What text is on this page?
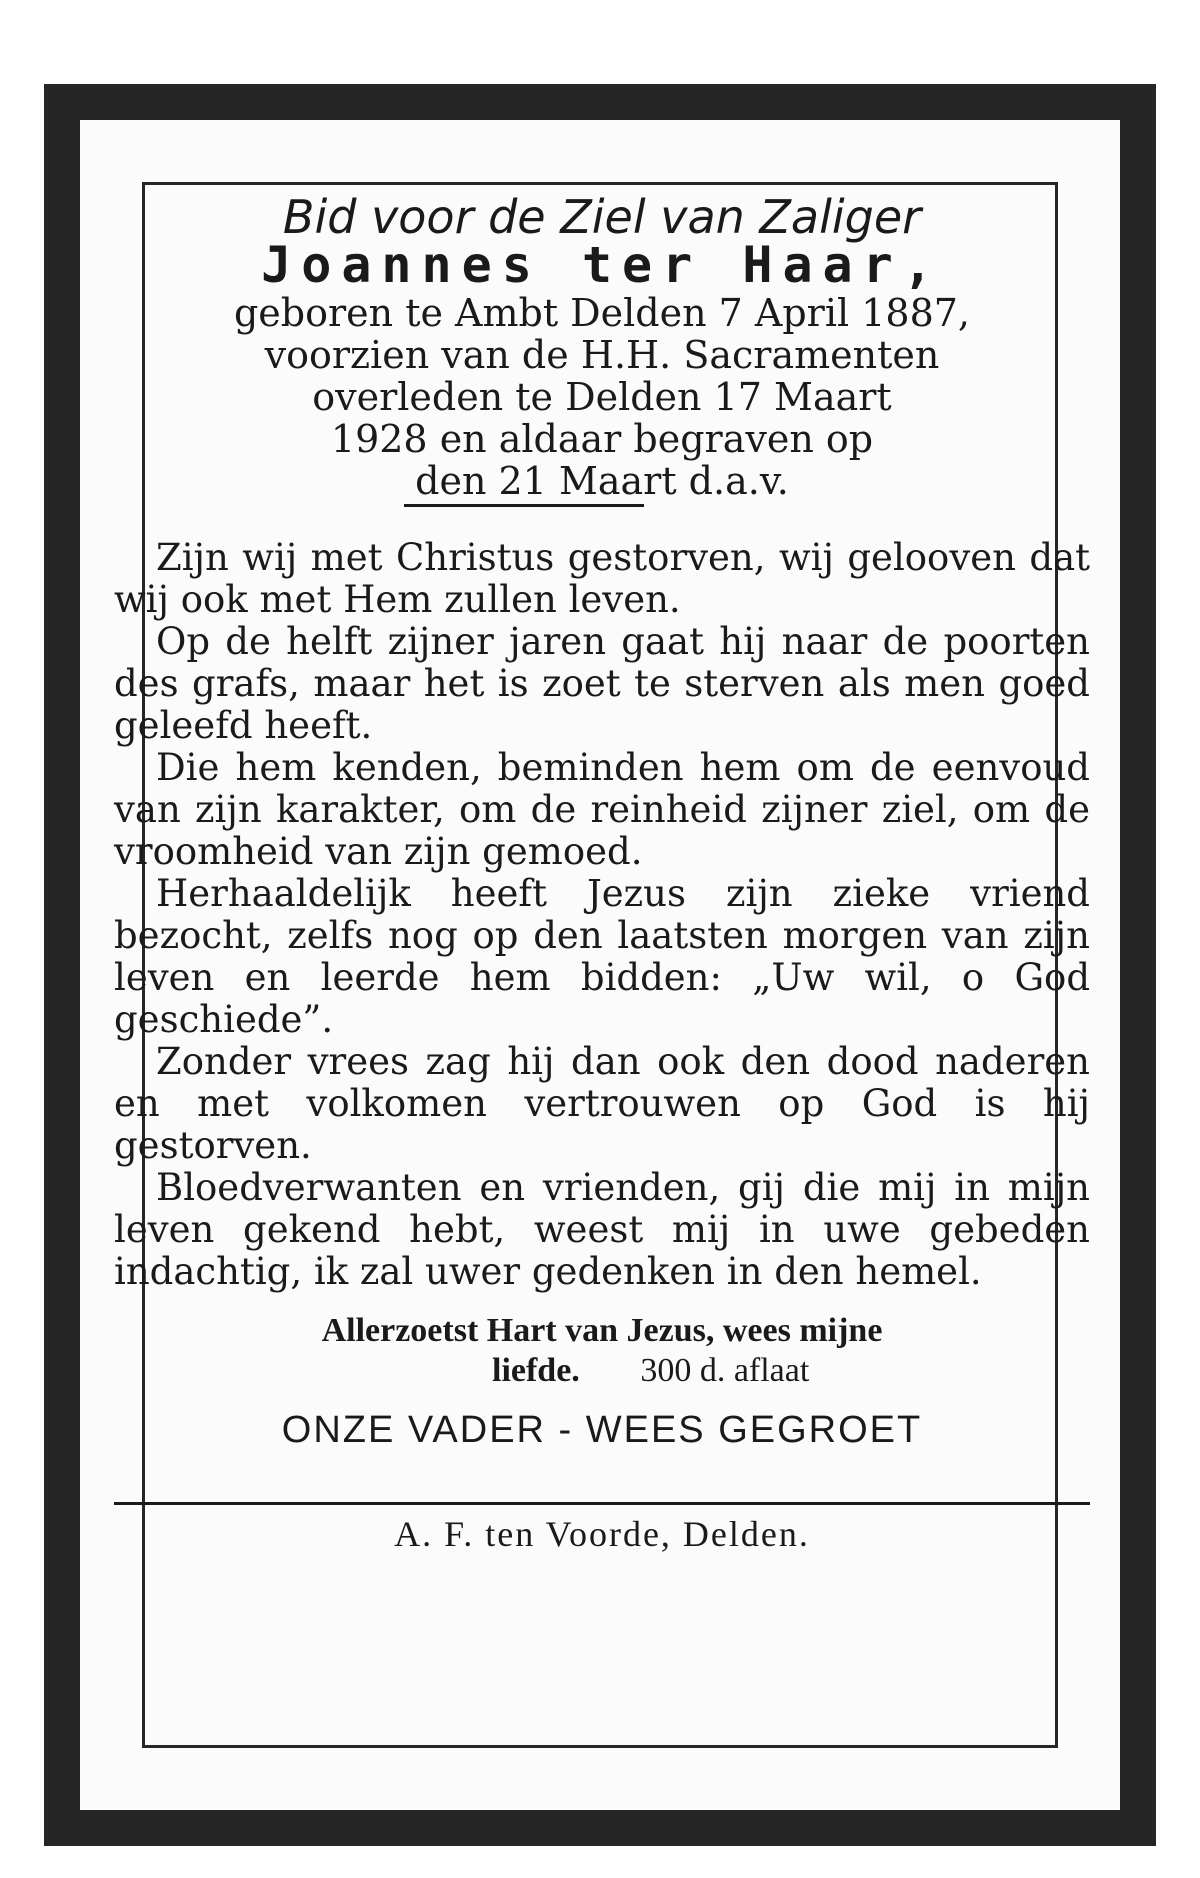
Bid voor de Ziel van Zaliger
Joannes ter Haar,
geboren te Ambt Delden 7 April 1887,
voorzien van de H.H. Sacramenten
overleden te Delden 17 Maart
1928 en aldaar begraven op
den 21 Maart d.a.v.

Zijn wij met Christus gestorven, wij gelooven dat wij ook met Hem zullen leven.

Op de helft zijner jaren gaat hij naar de poorten des grafs, maar het is zoet te sterven als men goed geleefd heeft.

Die hem kenden, beminden hem om de eenvoud van zijn karakter, om de reinheid zijner ziel, om de vroomheid van zijn gemoed.

Herhaaldelijk heeft Jezus zijn zieke vriend bezocht, zelfs nog op den laatsten morgen van zijn leven en leerde hem bidden: „Uw wil, o God geschiede”.

Zonder vrees zag hij dan ook den dood naderen en met volkomen vertrouwen op God is hij gestorven.

Bloedverwanten en vrienden, gij die mij in mijn leven gekend hebt, weest mij in uwe gebeden indachtig, ik zal uwer gedenken in den hemel.

Allerzoetst Hart van Jezus, wees mijne
liefde. 300 d. aflaat
ONZE VADER - WEES GEGROET
A. F. ten Voorde, Delden.
